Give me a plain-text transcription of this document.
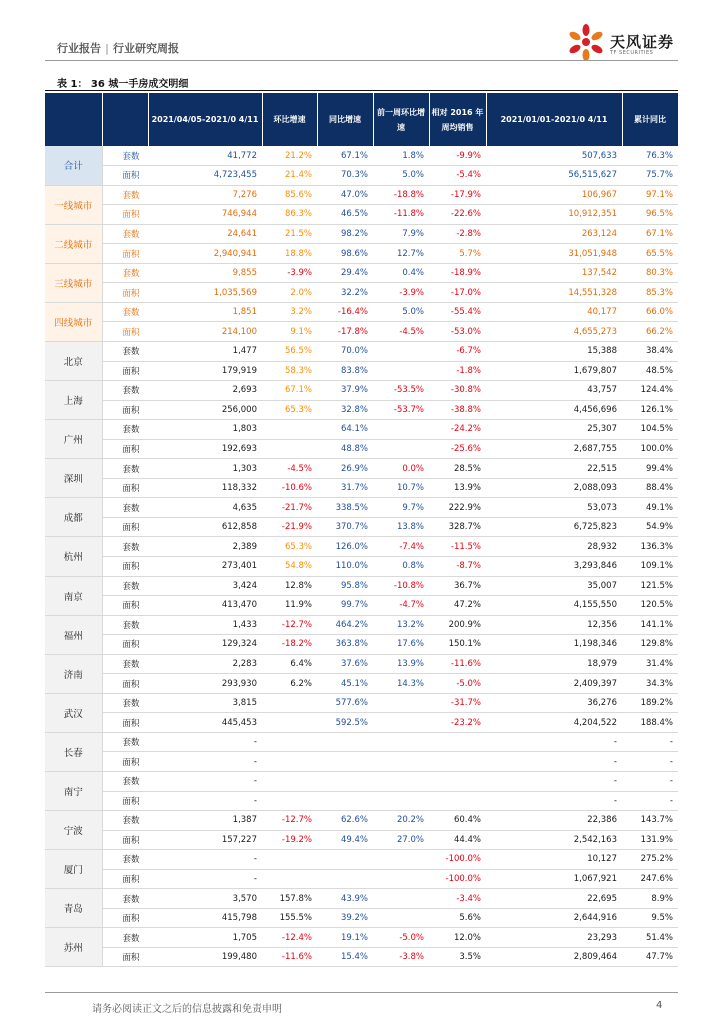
行业报告 | 行业研究周报	天风证券
TF SECURITIES
表 1： 36 城一手房成交明细
		2021/04/05-2021/0 4/11	环比增速	同比增速	前一周环比增速	相对 2016 年周均销售	2021/01/01-2021/0 4/11	累计同比
合计	套数	41,772	21.2%	67.1%	1.8%	-9.9%	507,633	76.3%
	面积	4,723,455	21.4%	70.3%	5.0%	-5.4%	56,515,627	75.7%
一线城市	套数	7,276	85.6%	47.0%	-18.8%	-17.9%	106,967	97.1%
	面积	746,944	86.3%	46.5%	-11.8%	-22.6%	10,912,351	96.5%
二线城市	套数	24,641	21.5%	98.2%	7.9%	-2.8%	263,124	67.1%
	面积	2,940,941	18.8%	98.6%	12.7%	5.7%	31,051,948	65.5%
三线城市	套数	9,855	-3.9%	29.4%	0.4%	-18.9%	137,542	80.3%
	面积	1,035,569	2.0%	32.2%	-3.9%	-17.0%	14,551,328	85.3%
四线城市	套数	1,851	3.2%	-16.4%	5.0%	-55.4%	40,177	66.0%
	面积	214,100	9.1%	-17.8%	-4.5%	-53.0%	4,655,273	66.2%
北京	套数	1,477	56.5%	70.0%		-6.7%	15,388	38.4%
	面积	179,919	58.3%	83.8%		-1.8%	1,679,807	48.5%
上海	套数	2,693	67.1%	37.9%	-53.5%	-30.8%	43,757	124.4%
	面积	256,000	65.3%	32.8%	-53.7%	-38.8%	4,456,696	126.1%
广州	套数	1,803		64.1%		-24.2%	25,307	104.5%
	面积	192,693		48.8%		-25.6%	2,687,755	100.0%
深圳	套数	1,303	-4.5%	26.9%	0.0%	28.5%	22,515	99.4%
	面积	118,332	-10.6%	31.7%	10.7%	13.9%	2,088,093	88.4%
成都	套数	4,635	-21.7%	338.5%	9.7%	222.9%	53,073	49.1%
	面积	612,858	-21.9%	370.7%	13.8%	328.7%	6,725,823	54.9%
杭州	套数	2,389	65.3%	126.0%	-7.4%	-11.5%	28,932	136.3%
	面积	273,401	54.8%	110.0%	0.8%	-8.7%	3,293,846	109.1%
南京	套数	3,424	12.8%	95.8%	-10.8%	36.7%	35,007	121.5%
	面积	413,470	11.9%	99.7%	-4.7%	47.2%	4,155,550	120.5%
福州	套数	1,433	-12.7%	464.2%	13.2%	200.9%	12,356	141.1%
	面积	129,324	-18.2%	363.8%	17.6%	150.1%	1,198,346	129.8%
济南	套数	2,283	6.4%	37.6%	13.9%	-11.6%	18,979	31.4%
	面积	293,930	6.2%	45.1%	14.3%	-5.0%	2,409,397	34.3%
武汉	套数	3,815		577.6%		-31.7%	36,276	189.2%
	面积	445,453		592.5%		-23.2%	4,204,522	188.4%
长春	套数	-					-	-
	面积	-					-	-
南宁	套数	-					-	-
	面积	-					-	-
宁波	套数	1,387	-12.7%	62.6%	20.2%	60.4%	22,386	143.7%
	面积	157,227	-19.2%	49.4%	27.0%	44.4%	2,542,163	131.9%
厦门	套数	-				-100.0%	10,127	275.2%
	面积	-				-100.0%	1,067,921	247.6%
青岛	套数	3,570	157.8%	43.9%		-3.4%	22,695	8.9%
	面积	415,798	155.5%	39.2%		5.6%	2,644,916	9.5%
苏州	套数	1,705	-12.4%	19.1%	-5.0%	12.0%	23,293	51.4%
	面积	199,480	-11.6%	15.4%	-3.8%	3.5%	2,809,464	47.7%
请务必阅读正文之后的信息披露和免责申明	4
